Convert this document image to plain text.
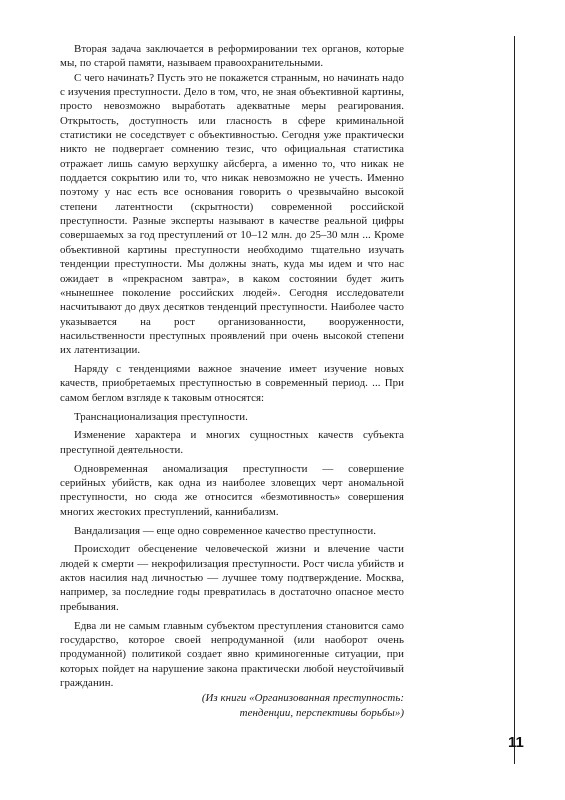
Вторая задача заключается в реформировании тех органов, которые мы, по старой памяти, называем правоохранительными.

С чего начинать? Пусть это не покажется странным, но начинать надо с изучения преступности. Дело в том, что, не зная объективной картины, просто невозможно выработать адекватные меры реагирования. Открытость, доступность или гласность в сфере криминальной статистики не соседствует с объективностью. Сегодня уже практически никто не подвергает сомнению тезис, что официальная статистика отражает лишь самую верхушку айсберга, а именно то, что никак не поддается сокрытию или то, что никак невозможно не учесть. Именно поэтому у нас есть все основания говорить о чрезвычайно высокой степени латентности (скрытности) современной российской преступности. Разные эксперты называют в качестве реальной цифры совершаемых за год преступлений от 10–12 млн. до 25–30 млн ... Кроме объективной картины преступности необходимо тщательно изучать тенденции преступности. Мы должны знать, куда мы идем и что нас ожидает в «прекрасном завтра», в каком состоянии будет жить «нынешнее поколение российских людей». Сегодня исследователи насчитывают до двух десятков тенденций преступности. Наиболее часто указывается на рост организованности, вооруженности, насильственности преступных проявлений при очень высокой степени их латентизации.

Наряду с тенденциями важное значение имеет изучение новых качеств, приобретаемых преступностью в современный период. ... При самом беглом взгляде к таковым относятся:

Транснационализация преступности.

Изменение характера и многих сущностных качеств субъекта преступной деятельности.

Одновременная аномализация преступности — совершение серийных убийств, как одна из наиболее зловещих черт аномальной преступности, но сюда же относится «безмотивность» совершения многих жестоких преступлений, каннибализм.

Вандализация — еще одно современное качество преступности.

Происходит обесценение человеческой жизни и влечение части людей к смерти — некрофилизация преступности. Рост числа убийств и актов насилия над личностью — лучшее тому подтверждение. Москва, например, за последние годы превратилась в достаточно опасное место пребывания.

Едва ли не самым главным субъектом преступления становится само государство, которое своей непродуманной (или наоборот очень продуманной) политикой создает явно криминогенные ситуации, при которых пойдет на нарушение закона практически любой неустойчивый гражданин.

(Из книги «Организованная преступность:
тенденции, перспективы борьбы»)
11
